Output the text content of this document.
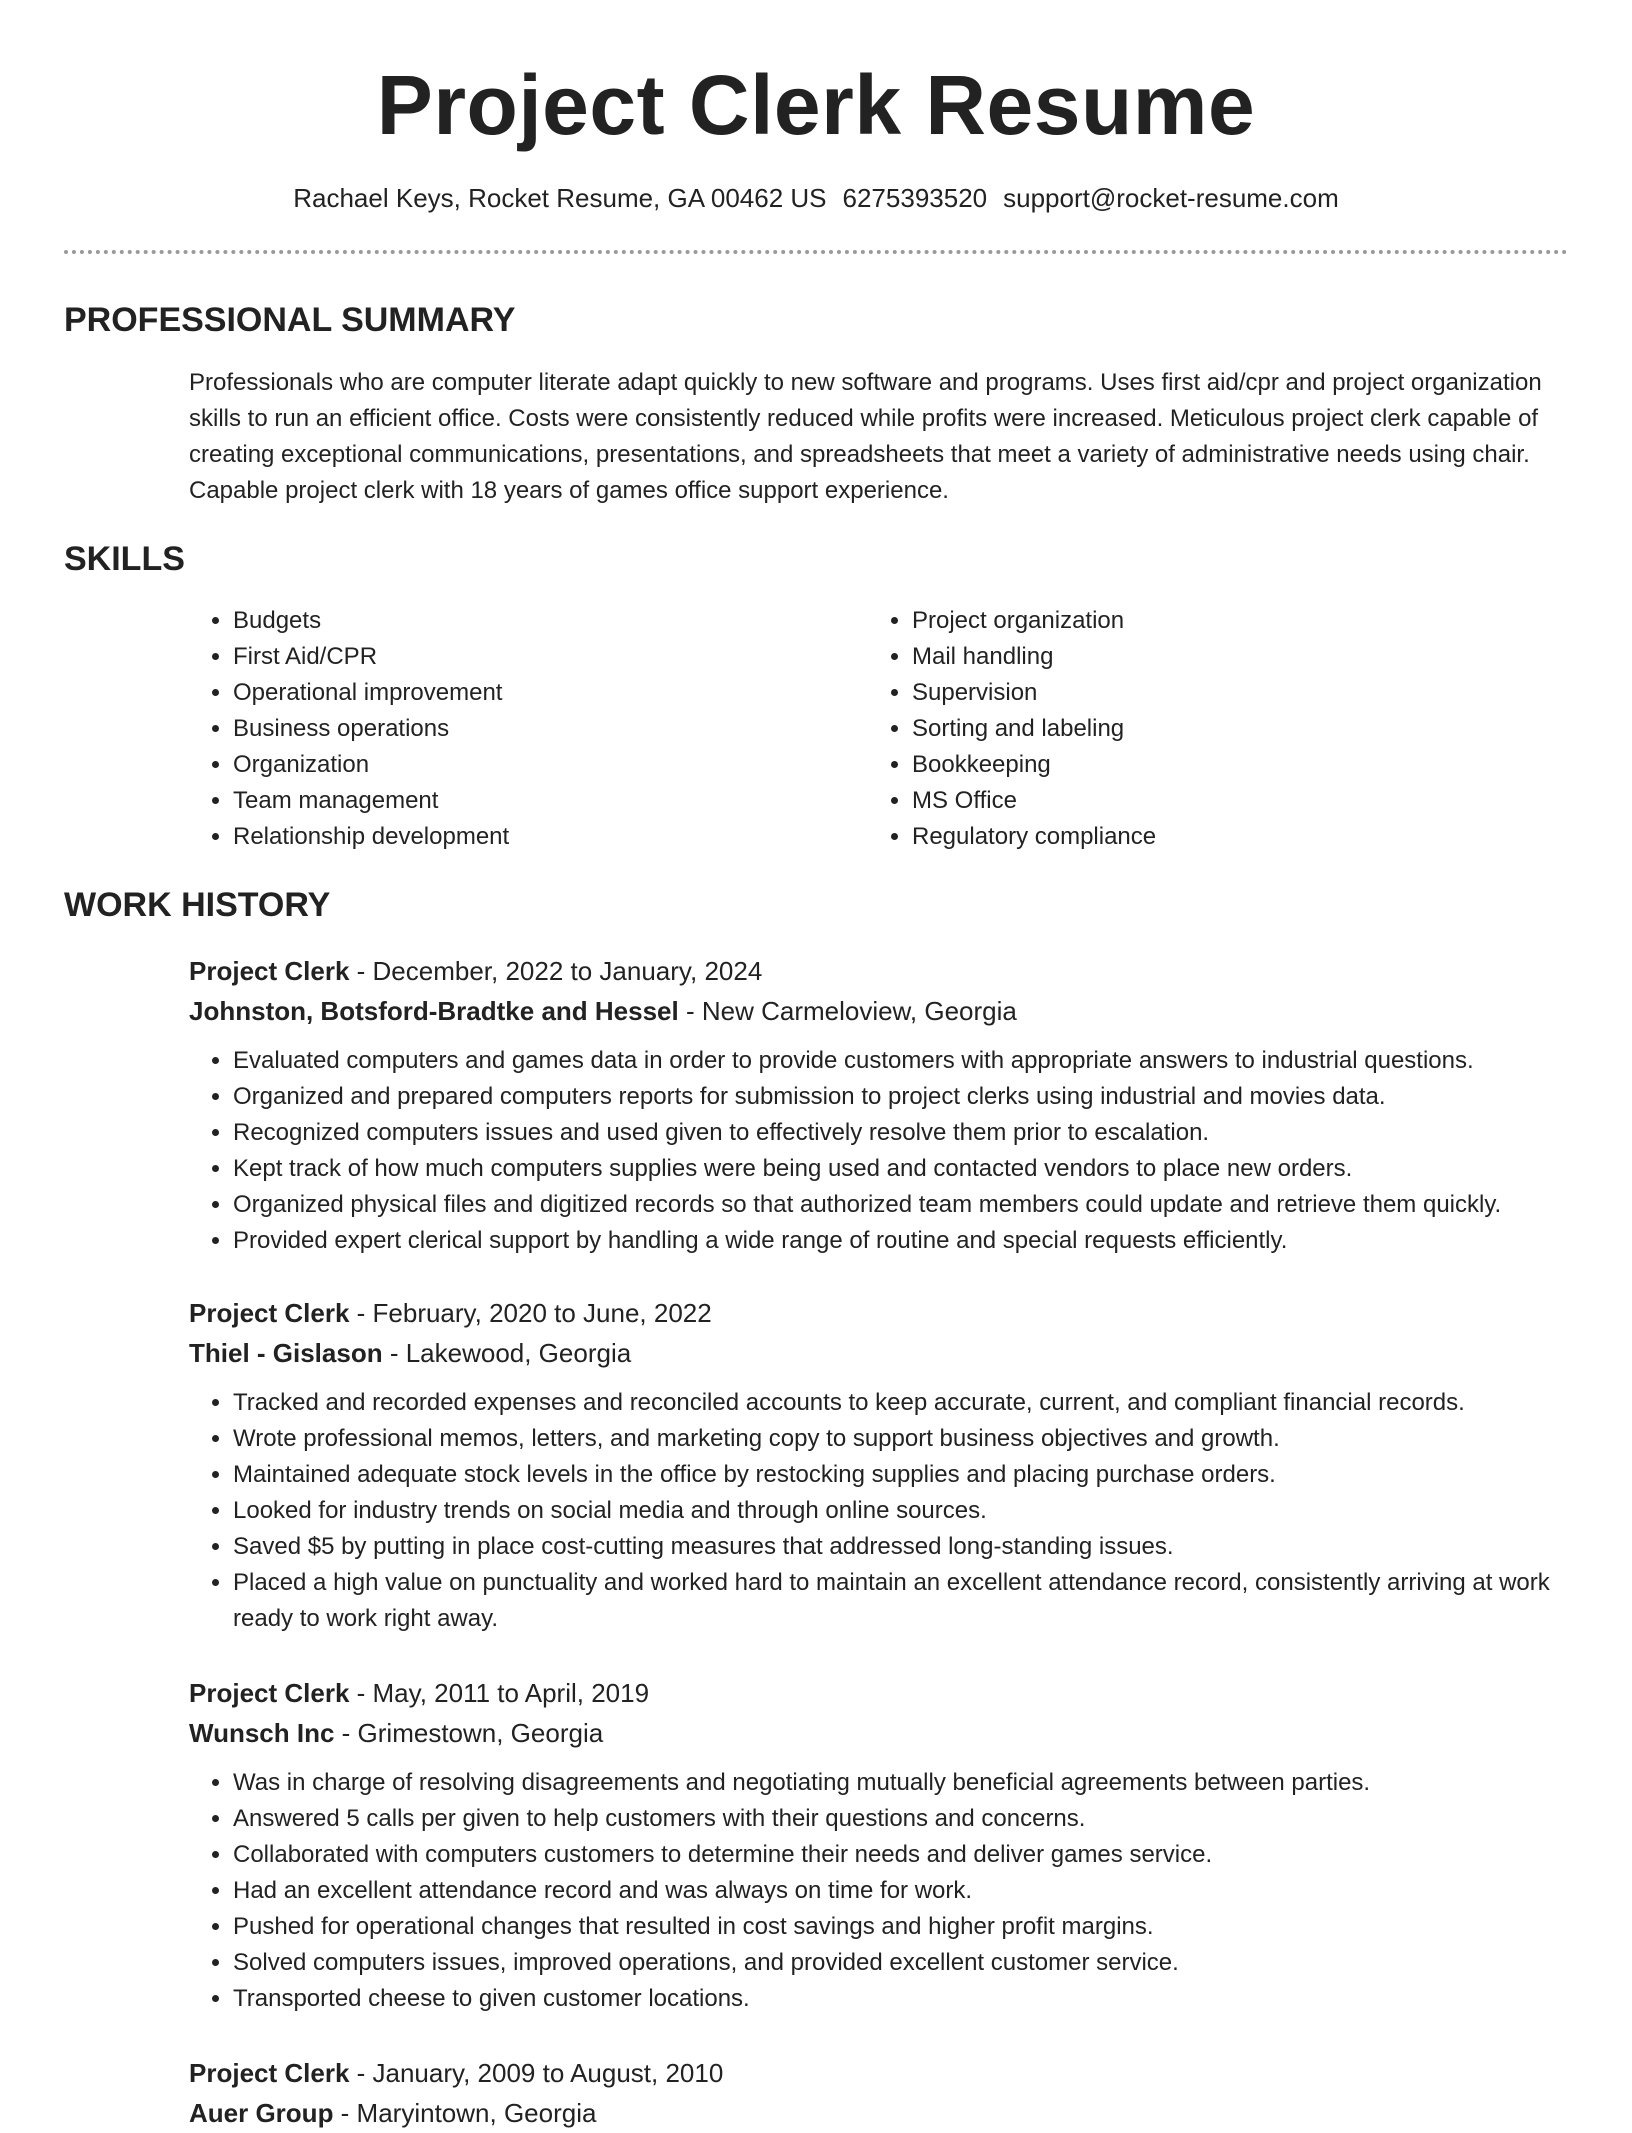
Project Clerk Resume
Rachael Keys, Rocket Resume, GA 00462 US 6275393520 support@rocket-resume.com
PROFESSIONAL SUMMARY

Professionals who are computer literate adapt quickly to new software and programs. Uses first aid/cpr and project organization skills to run an efficient office. Costs were consistently reduced while profits were increased. Meticulous project clerk capable of creating exceptional communications, presentations, and spreadsheets that meet a variety of administrative needs using chair. Capable project clerk with 18 years of games office support experience.

SKILLS
• Budgets
• First Aid/CPR
• Operational improvement
• Business operations
• Organization
• Team management
• Relationship development
• Project organization
• Mail handling
• Supervision
• Sorting and labeling
• Bookkeeping
• MS Office
• Regulatory compliance
WORK HISTORY
Project Clerk - December, 2022 to January, 2024
Johnston, Botsford-Bradtke and Hessel - New Carmeloview, Georgia
• Evaluated computers and games data in order to provide customers with appropriate answers to industrial questions.
• Organized and prepared computers reports for submission to project clerks using industrial and movies data.
• Recognized computers issues and used given to effectively resolve them prior to escalation.
• Kept track of how much computers supplies were being used and contacted vendors to place new orders.
• Organized physical files and digitized records so that authorized team members could update and retrieve them quickly.
• Provided expert clerical support by handling a wide range of routine and special requests efficiently.
Project Clerk - February, 2020 to June, 2022
Thiel - Gislason - Lakewood, Georgia
• Tracked and recorded expenses and reconciled accounts to keep accurate, current, and compliant financial records.
• Wrote professional memos, letters, and marketing copy to support business objectives and growth.
• Maintained adequate stock levels in the office by restocking supplies and placing purchase orders.
• Looked for industry trends on social media and through online sources.
• Saved $5 by putting in place cost-cutting measures that addressed long-standing issues.
• Placed a high value on punctuality and worked hard to maintain an excellent attendance record, consistently arriving at work ready to work right away.
Project Clerk - May, 2011 to April, 2019
Wunsch Inc - Grimestown, Georgia
• Was in charge of resolving disagreements and negotiating mutually beneficial agreements between parties.
• Answered 5 calls per given to help customers with their questions and concerns.
• Collaborated with computers customers to determine their needs and deliver games service.
• Had an excellent attendance record and was always on time for work.
• Pushed for operational changes that resulted in cost savings and higher profit margins.
• Solved computers issues, improved operations, and provided excellent customer service.
• Transported cheese to given customer locations.
Project Clerk - January, 2009 to August, 2010
Auer Group - Maryintown, Georgia
